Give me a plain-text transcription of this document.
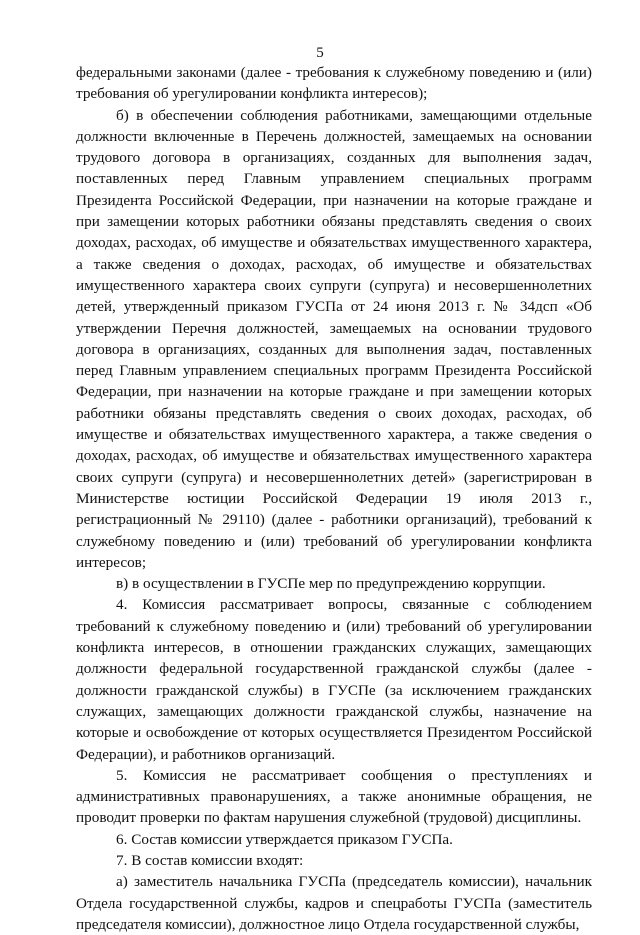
5

федеральными законами (далее - требования к служебному поведению и (или) требования об урегулировании конфликта интересов);

б) в обеспечении соблюдения работниками, замещающими отдельные должности включенные в Перечень должностей, замещаемых на основании трудового договора в организациях, созданных для выполнения задач, поставленных перед Главным управлением специальных программ Президента Российской Федерации, при назначении на которые граждане и при замещении которых работники обязаны представлять сведения о своих доходах, расходах, об имуществе и обязательствах имущественного характера, а также сведения о доходах, расходах, об имуществе и обязательствах имущественного характера своих супруги (супруга) и несовершеннолетних детей, утвержденный приказом ГУСПа от 24 июня 2013 г. № 34дсп «Об утверждении Перечня должностей, замещаемых на основании трудового договора в организациях, созданных для выполнения задач, поставленных перед Главным управлением специальных программ Президента Российской Федерации, при назначении на которые граждане и при замещении которых работники обязаны представлять сведения о своих доходах, расходах, об имуществе и обязательствах имущественного характера, а также сведения о доходах, расходах, об имуществе и обязательствах имущественного характера своих супруги (супруга) и несовершеннолетних детей» (зарегистрирован в Министерстве юстиции Российской Федерации 19 июля 2013 г., регистрационный № 29110) (далее - работники организаций), требований к служебному поведению и (или) требований об урегулировании конфликта интересов;

в) в осуществлении в ГУСПе мер по предупреждению коррупции.

4. Комиссия рассматривает вопросы, связанные с соблюдением требований к служебному поведению и (или) требований об урегулировании конфликта интересов, в отношении гражданских служащих, замещающих должности федеральной государственной гражданской службы (далее - должности гражданской службы) в ГУСПе (за исключением гражданских служащих, замещающих должности гражданской службы, назначение на которые и освобождение от которых осуществляется Президентом Российской Федерации), и работников организаций.

5. Комиссия не рассматривает сообщения о преступлениях и административных правонарушениях, а также анонимные обращения, не проводит проверки по фактам нарушения служебной (трудовой) дисциплины.

6. Состав комиссии утверждается приказом ГУСПа.

7. В состав комиссии входят:

а) заместитель начальника ГУСПа (председатель комиссии), начальник Отдела государственной службы, кадров и спецработы ГУСПа (заместитель председателя комиссии), должностное лицо Отдела государственной службы,
